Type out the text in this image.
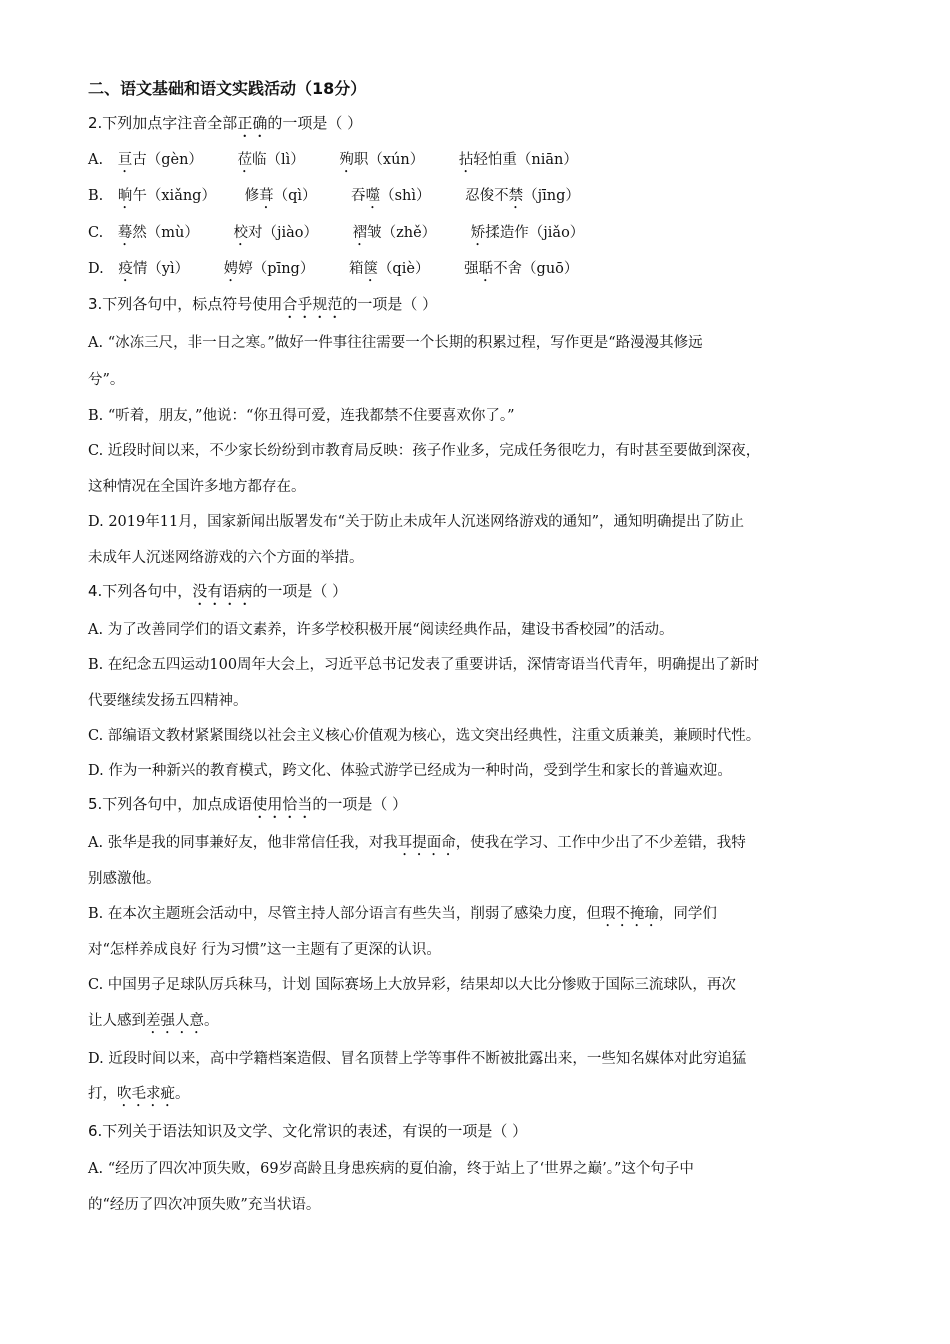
二、语文基础和语文实践活动（18分）
2.下列加点字注音全部正确的一项是（ ）
A. 亘古（gèn） 莅临（lì） 殉职（xún） 拈轻怕重（niān）
B. 晌午（xiǎng） 修葺（qì） 吞噬（shì） 忍俊不禁（jīng）
C. 蓦然（mù） 校对（jiào） 褶皱（zhě） 矫揉造作（jiǎo）
D. 疫情（yì） 娉婷（pīng） 箱箧（qiè） 强聒不舍（guō）
3.下列各句中，标点符号使用合乎规范的一项是（ ）
A. “冰冻三尺，非一日之寒。”做好一件事往往需要一个长期的积累过程，写作更是“路漫漫其修远
兮”。
B. “听着，朋友，”他说：“你丑得可爱，连我都禁不住要喜欢你了。”
C. 近段时间以来，不少家长纷纷到市教育局反映：孩子作业多，完成任务很吃力，有时甚至要做到深夜，
这种情况在全国许多地方都存在。
D. 2019年11月，国家新闻出版署发布“关于防止未成年人沉迷网络游戏的通知”，通知明确提出了防止
未成年人沉迷网络游戏的六个方面的举措。
4.下列各句中，没有语病的一项是（ ）
A. 为了改善同学们的语文素养，许多学校积极开展“阅读经典作品，建设书香校园”的活动。
B. 在纪念五四运动100周年大会上，习近平总书记发表了重要讲话，深情寄语当代青年，明确提出了新时
代要继续发扬五四精神。
C. 部编语文教材紧紧围绕以社会主义核心价值观为核心，选文突出经典性，注重文质兼美，兼顾时代性。
D. 作为一种新兴的教育模式，跨文化、体验式游学已经成为一种时尚，受到学生和家长的普遍欢迎。
5.下列各句中，加点成语使用恰当的一项是（ ）
A. 张华是我的同事兼好友，他非常信任我，对我耳提面命，使我在学习、工作中少出了不少差错，我特
别感激他。
B. 在本次主题班会活动中，尽管主持人部分语言有些失当，削弱了感染力度，但瑕不掩瑜，同学们
对“怎样养成良好 行为习惯”这一主题有了更深的认识。
C. 中国男子足球队厉兵秣马，计划 国际赛场上大放异彩，结果却以大比分惨败于国际三流球队，再次
让人感到差强人意。
D. 近段时间以来，高中学籍档案造假、冒名顶替上学等事件不断被批露出来，一些知名媒体对此穷追猛
打，吹毛求疵。
6.下列关于语法知识及文学、文化常识的表述，有误的一项是（ ）
A. “经历了四次冲顶失败，69岁高龄且身患疾病的夏伯渝，终于站上了‘世界之巅’。”这个句子中
的“经历了四次冲顶失败”充当状语。
